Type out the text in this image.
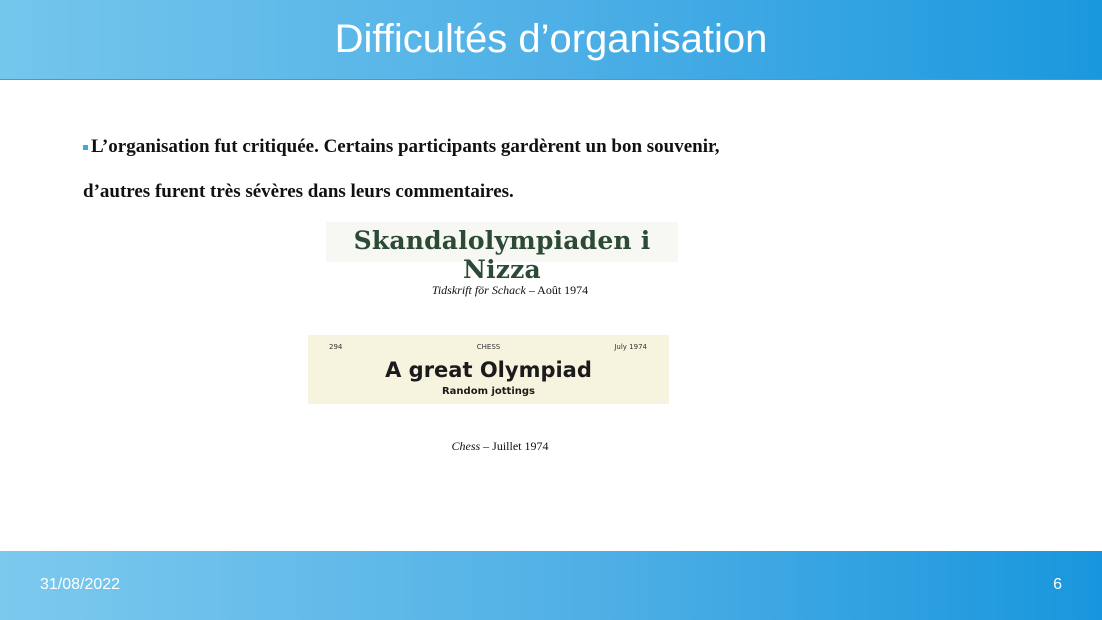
Difficultés d’organisation
L’organisation fut critiquée. Certains participants gardèrent un bon souvenir,
d’autres furent très sévères dans leurs commentaires.
Skandalolympiaden i Nizza
Tidskrift för Schack – Août 1974
294	CHESS	July 1974
A great Olympiad
Random jottings
Chess – Juillet 1974
31/08/2022	6
